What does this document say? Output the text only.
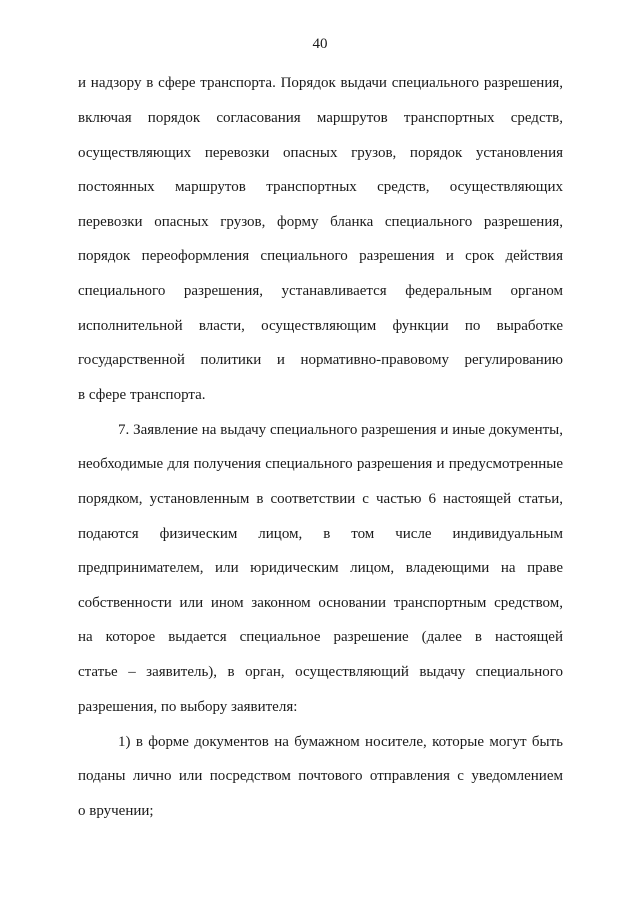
40
и надзору в сфере транспорта. Порядок выдачи специального разрешения,
включая порядок согласования маршрутов транспортных средств,
осуществляющих перевозки опасных грузов, порядок установления
постоянных маршрутов транспортных средств, осуществляющих
перевозки опасных грузов, форму бланка специального разрешения,
порядок переоформления специального разрешения и срок действия
специального разрешения, устанавливается федеральным органом
исполнительной власти, осуществляющим функции по выработке
государственной политики и нормативно-правовому регулированию
в сфере транспорта.
7. Заявление на выдачу специального разрешения и иные документы,
необходимые для получения специального разрешения и предусмотренные
порядком, установленным в соответствии с частью 6 настоящей статьи,
подаются физическим лицом, в том числе индивидуальным
предпринимателем, или юридическим лицом, владеющими на праве
собственности или ином законном основании транспортным средством,
на которое выдается специальное разрешение (далее в настоящей
статье – заявитель), в орган, осуществляющий выдачу специального
разрешения, по выбору заявителя:
1) в форме документов на бумажном носителе, которые могут быть
поданы лично или посредством почтового отправления с уведомлением
о вручении;
